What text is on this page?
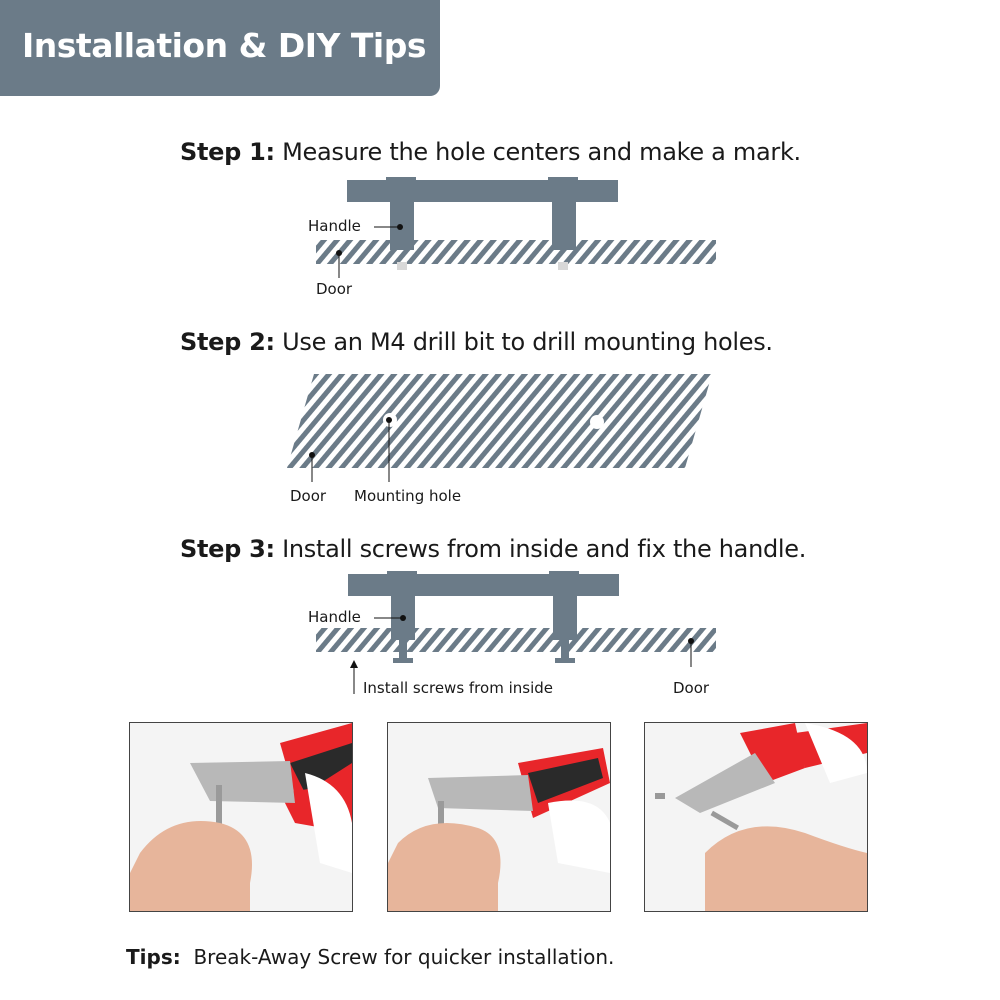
Installation & DIY Tips
Step 1: Measure the hole centers and make a mark.
Step 2: Use an M4 drill bit to drill mounting holes.
Step 3: Install screws from inside and fix the handle.
Handle
Door
Door Mounting hole
Handle
Install screws from inside	Door
Tips: Break-Away Screw for quicker installation.
